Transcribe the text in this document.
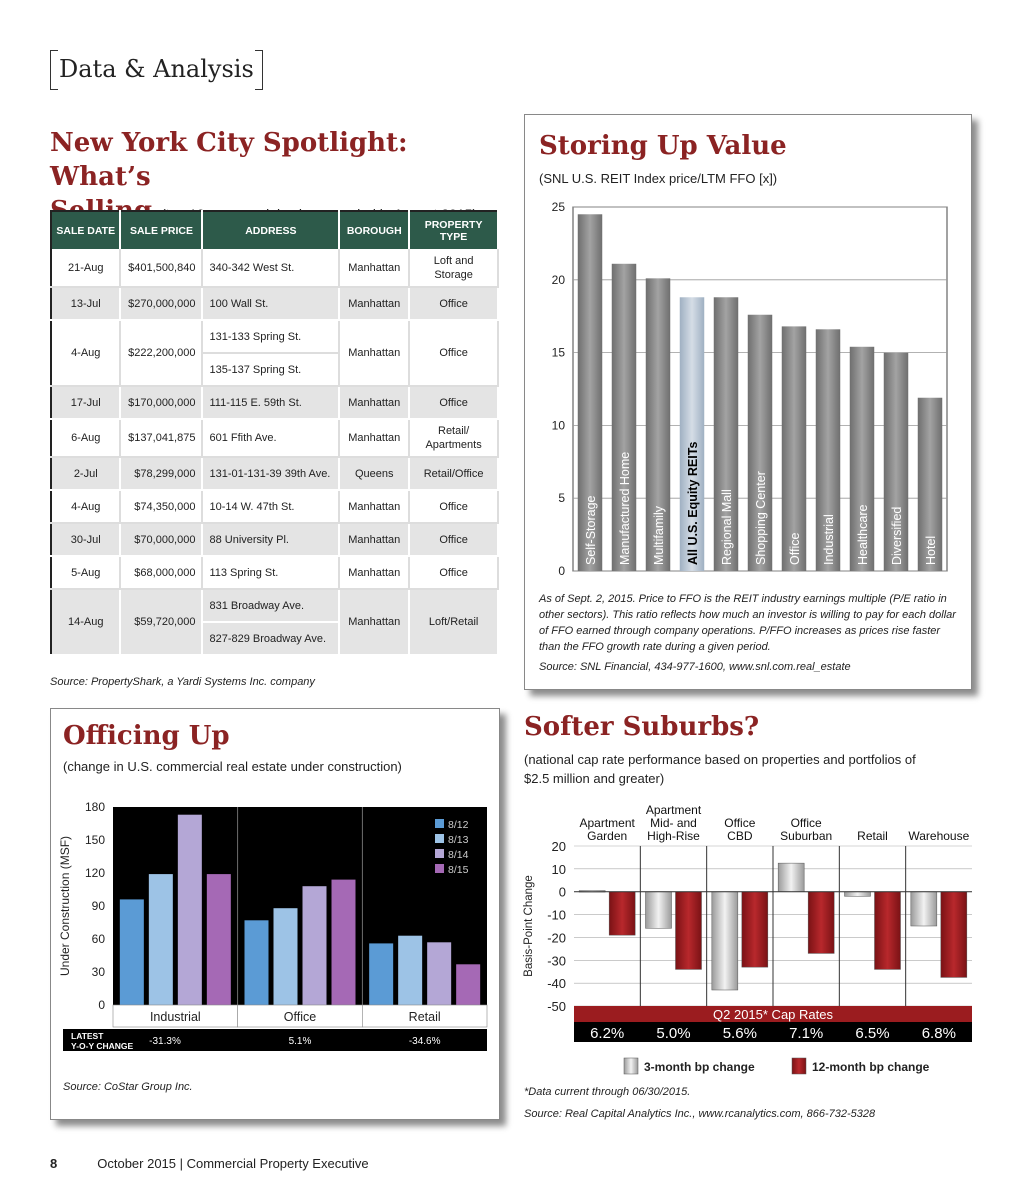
Data & Analysis
New York City Spotlight: What’s
SALE DATE	SALE PRICE	ADDRESS	BOROUGH	PROPERTY TYPE
21-Aug	$401,500,840	340-342 West St.	Manhattan	Loft and Storage
13-Jul	$270,000,000	100 Wall St.	Manhattan	Office
4-Aug	$222,200,000	131-133 Spring St.	Manhattan	Office
		135-137 Spring St.		
17-Jul	$170,000,000	111-115 E. 59th St.	Manhattan	Office
6-Aug	$137,041,875	601 Ffith Ave.	Manhattan	Retail/ Apartments
2-Jul	$78,299,000	131-01-131-39 39th Ave.	Queens	Retail/Office
4-Aug	$74,350,000	10-14 W. 47th St.	Manhattan	Office
30-Jul	$70,000,000	88 University Pl.	Manhattan	Office
5-Aug	$68,000,000	113 Spring St.	Manhattan	Office
14-Aug	$59,720,000	831 Broadway Ave.	Manhattan	Loft/Retail
		827-829 Broadway Ave.		
Source: PropertyShark, a Yardi Systems Inc. company
Storing Up Value
(SNL U.S. REIT Index price/LTM FFO [x])
0
5
10
15
20
25
Self-Storage Manufactured Home Multifamily All U.S. Equity REITs Regional Mall Shopping Center Office Industrial Healthcare Diversified Hotel
As of Sept. 2, 2015. Price to FFO is the REIT industry earnings multiple (P/E ratio in other sectors). This ratio reflects how much an investor is willing to pay for each dollar of FFO earned through company operations. P/FFO increases as prices rise faster than the FFO growth rate during a given period.
Source: SNL Financial, 434-977-1600, www.snl.com.real_estate
Officing Up
(change in U.S. commercial real estate under construction)
0
30
60
90
120
150
180
Under Construction (MSF)
Industrial	Office	Retail
8/12
8/13
8/14
8/15
LATEST
Y-O-Y CHANGE -31.3%	5.1%	-34.6%
Source: CoStar Group Inc.
Softer Suburbs?
(national cap rate performance based on properties and portfolios of
$2.5 million and greater)
20
10
0
-10
-20
-30
-40
-50
Basis-Point Change
Apartment
Garden
Apartment
Mid- and
High-Rise
Office
CBD
Office
Suburban Retail Warehouse
Q2 2015* Cap Rates
6.2% 5.0% 5.6% 7.1% 6.5% 6.8%
3-month bp change	12-month bp change
*Data current through 06/30/2015.
Source: Real Capital Analytics Inc., www.rcanalytics.com, 866-732-5328
8	October 2015 | Commercial Property Executive
